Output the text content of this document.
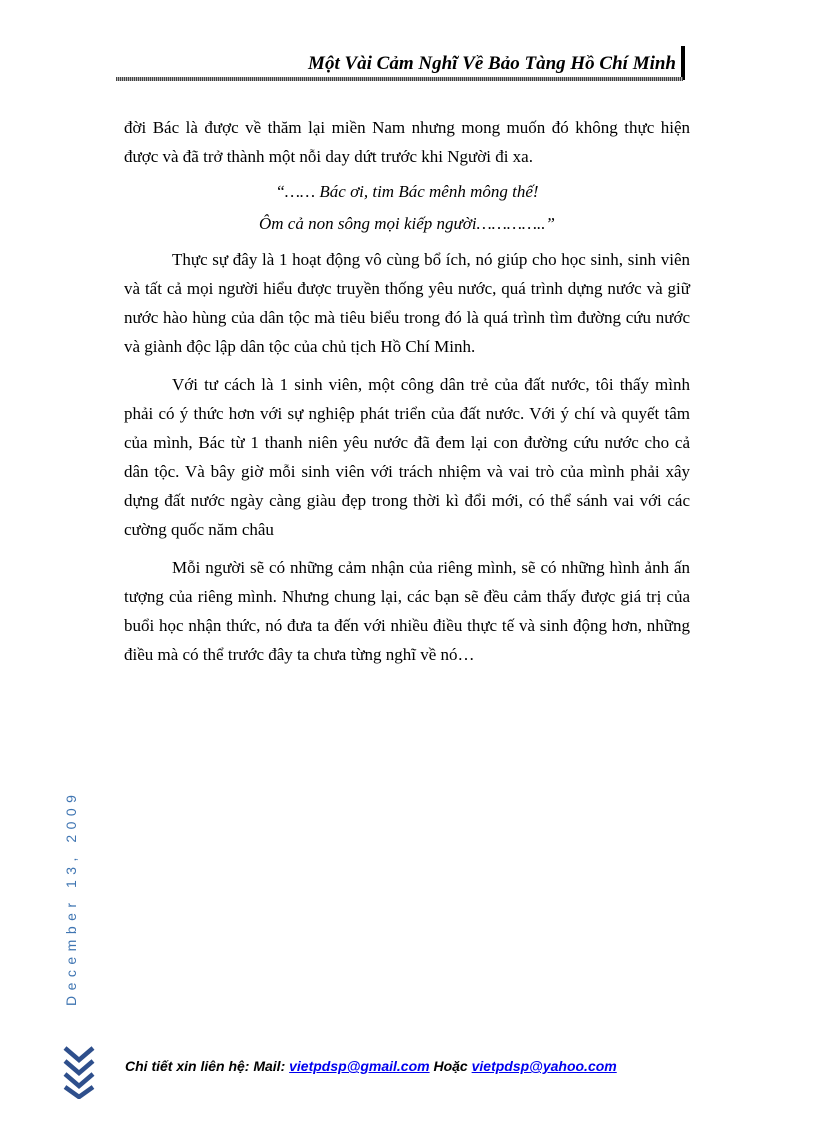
Một Vài Cảm Nghĩ Về Bảo Tàng Hồ Chí Minh

đời Bác là được về thăm lại miền Nam nhưng mong muốn đó không thực hiện được và đã trở thành một nỗi day dứt trước khi Người đi xa.

“…… Bác ơi, tim Bác mênh mông thế!
Ôm cả non sông mọi kiếp người…………..”

Thực sự đây là 1 hoạt động vô cùng bổ ích, nó giúp cho học sinh, sinh viên và tất cả mọi người hiểu được truyền thống yêu nước, quá trình dựng nước và giữ nước hào hùng của dân tộc mà tiêu biểu trong đó là quá trình tìm đường cứu nước và giành độc lập dân tộc của chủ tịch Hồ Chí Minh.

Với tư cách là 1 sinh viên, một công dân trẻ của đất nước, tôi thấy mình phải có ý thức hơn với sự nghiệp phát triển của đất nước. Với ý chí và quyết tâm của mình, Bác từ 1 thanh niên yêu nước đã đem lại con đường cứu nước cho cả dân tộc. Và bây giờ mỗi sinh viên với trách nhiệm và vai trò của mình phải xây dựng đất nước ngày càng giàu đẹp trong thời kì đổi mới, có thể sánh vai với các cường quốc năm châu

Mỗi người sẽ có những cảm nhận của riêng mình, sẽ có những hình ảnh ấn tượng của riêng mình. Nhưng chung lại, các bạn sẽ đều cảm thấy được giá trị của buổi học nhận thức, nó đưa ta đến với nhiều điều thực tế và sinh động hơn, những điều mà có thể trước đây ta chưa từng nghĩ về nó…

December 13, 2009
Chi tiết xin liên hệ: Mail: vietpdsp@gmail.com Hoặc vietpdsp@yahoo.com
